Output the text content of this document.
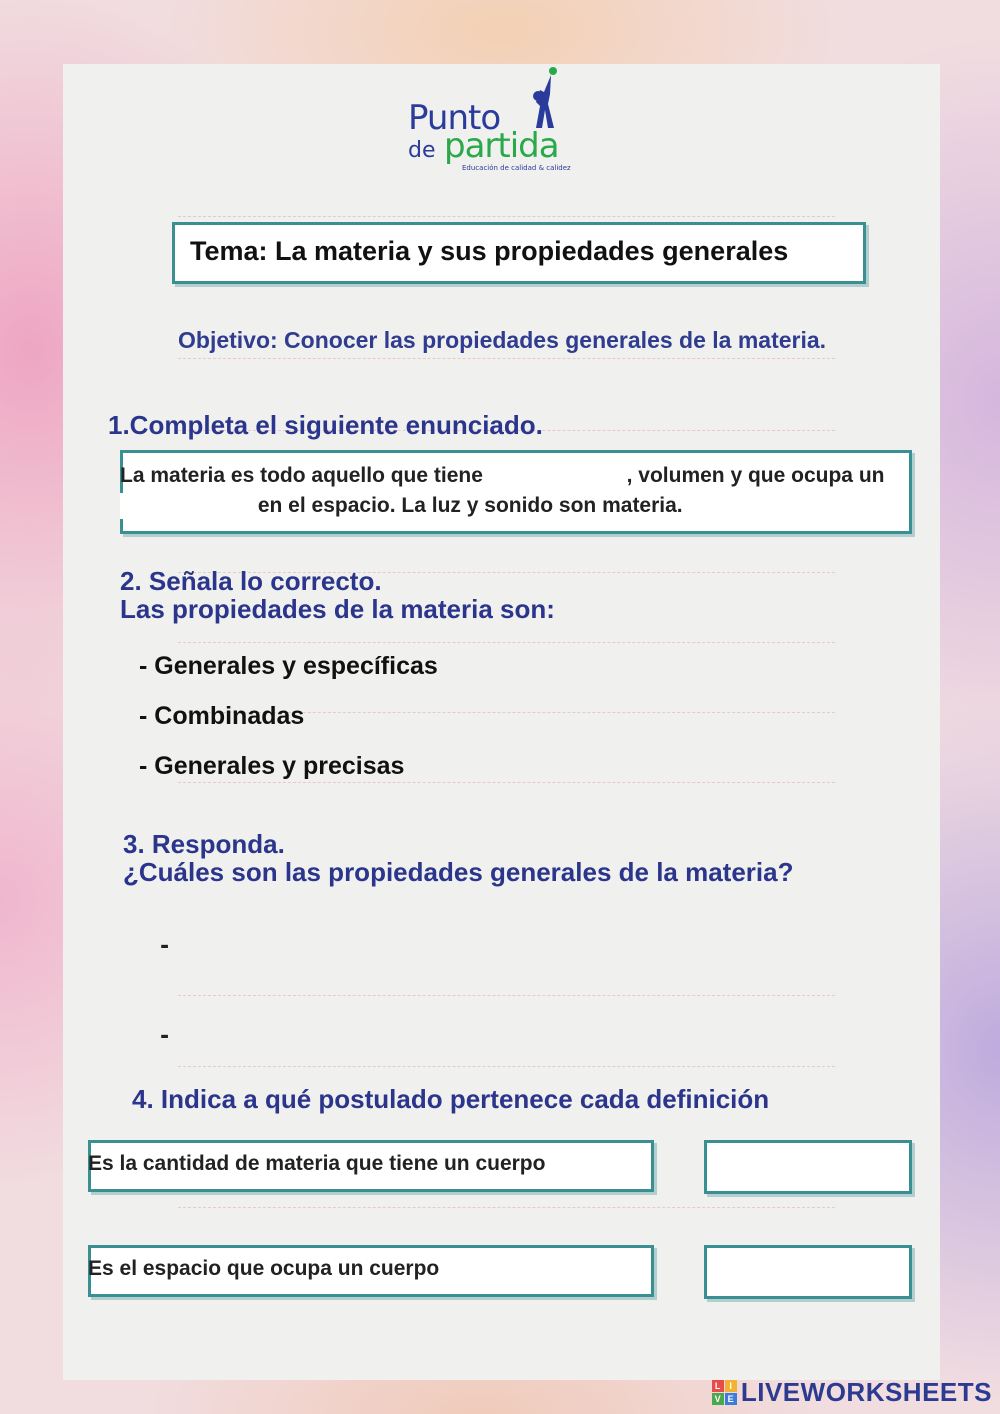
Punto
de partida
Educación de calidad & calidez
Tema: La materia y sus propiedades generales
Objetivo: Conocer las propiedades generales de la materia.
1.Completa el siguiente enunciado.
La materia es todo aquello que tiene	, volumen y que ocupa un  en el espacio. La luz y sonido son materia.
2. Señala lo correcto.
Las propiedades de la materia son:
- Generales y específicas
- Combinadas
- Generales y precisas
3. Responda.
¿Cuáles son las propiedades generales de la materia?
-
-
4. Indica a qué postulado pertenece cada definición
Es la cantidad de materia que tiene un cuerpo
Es el espacio que ocupa un cuerpo
L I
V E LIVEWORKSHEETS
